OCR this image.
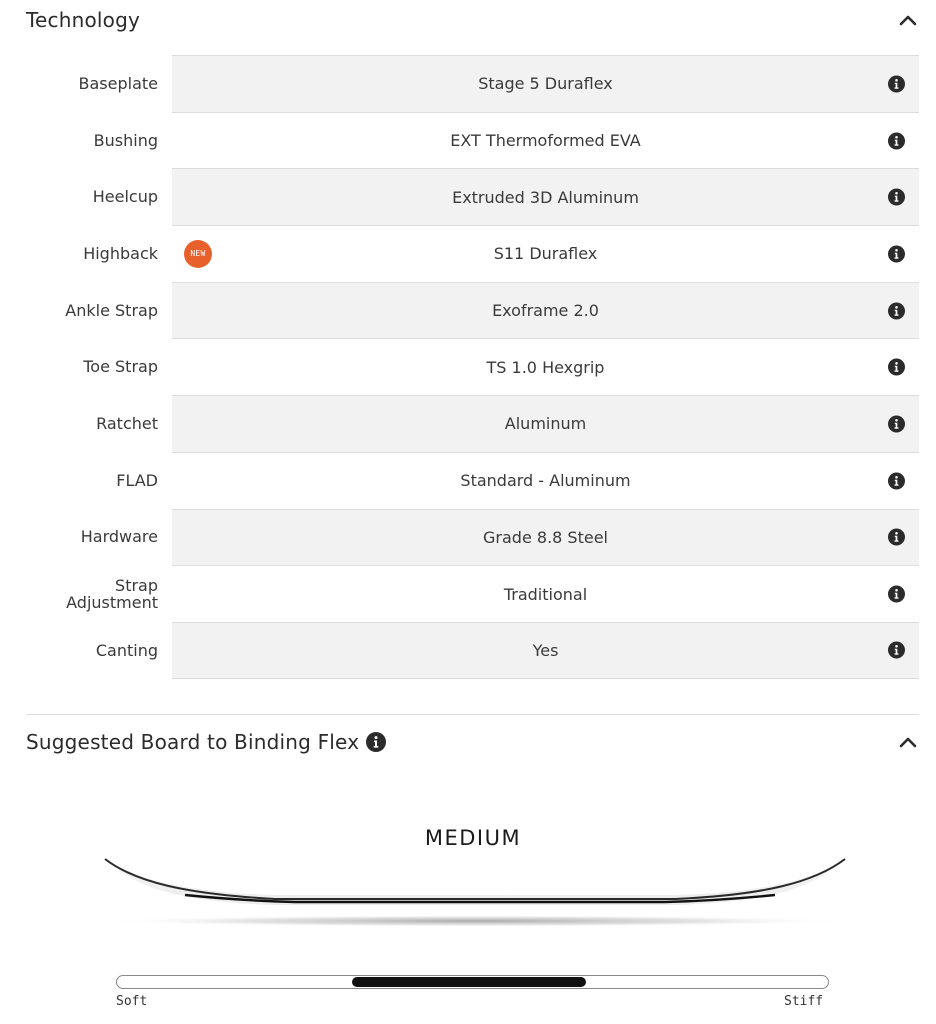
Technology
Baseplate	Stage 5 Duraflex
Bushing	EXT Thermoformed EVA
Heelcup	Extruded 3D Aluminum
Highback	NEW	S11 Duraflex
Ankle Strap	Exoframe 2.0
Toe Strap	TS 1.0 Hexgrip
Ratchet	Aluminum
FLAD	Standard - Aluminum
Hardware	Grade 8.8 Steel
Strap Adjustment	Traditional
Canting	Yes
Suggested Board to Binding Flex
MEDIUM
Soft	Stiff
